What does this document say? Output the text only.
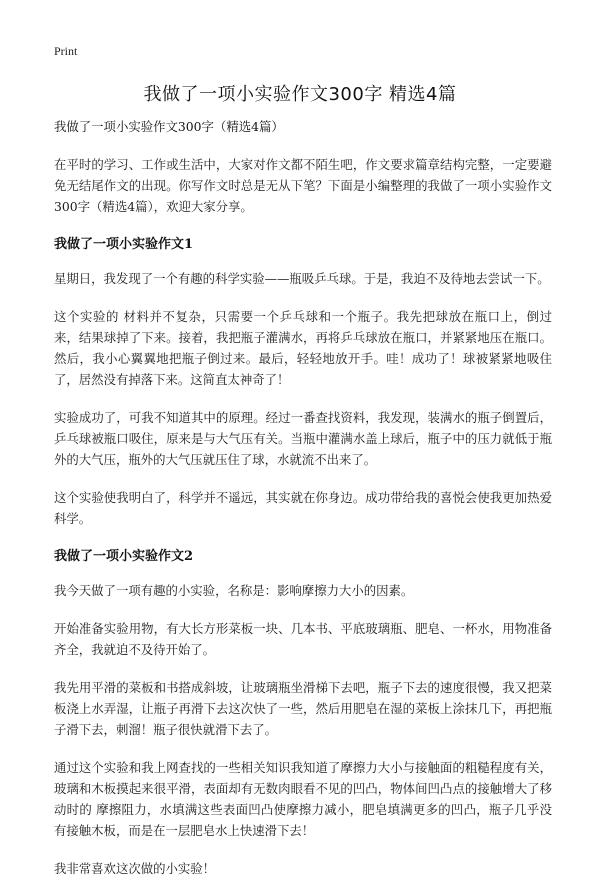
Print
我做了一项小实验作文300字 精选4篇

我做了一项小实验作文300字（精选4篇）

在平时的学习、工作或生活中，大家对作文都不陌生吧，作文要求篇章结构完整，一定要避免无结尾作文的出现。你写作文时总是无从下笔？下面是小编整理的我做了一项小实验作文300字（精选4篇），欢迎大家分享。

我做了一项小实验作文1

星期日，我发现了一个有趣的科学实验——瓶吸乒乓球。于是，我迫不及待地去尝试一下。

这个实验的 材料并不复杂，只需要一个乒乓球和一个瓶子。我先把球放在瓶口上，倒过来，结果球掉了下来。接着，我把瓶子灌满水，再将乒乓球放在瓶口，并紧紧地压在瓶口。然后，我小心翼翼地把瓶子倒过来。最后，轻轻地放开手。哇！成功了！球被紧紧地吸住了，居然没有掉落下来。这简直太神奇了！

实验成功了，可我不知道其中的原理。经过一番查找资料，我发现，装满水的瓶子倒置后，乒乓球被瓶口吸住，原来是与大气压有关。当瓶中灌满水盖上球后，瓶子中的压力就低于瓶外的大气压，瓶外的大气压就压住了球，水就流不出来了。

这个实验使我明白了，科学并不遥远，其实就在你身边。成功带给我的喜悦会使我更加热爱科学。

我做了一项小实验作文2

我今天做了一项有趣的小实验，名称是：影响摩擦力大小的因素。

开始准备实验用物，有大长方形菜板一块、几本书、平底玻璃瓶、肥皂、一杯水，用物准备齐全，我就迫不及待开始了。

我先用平滑的菜板和书搭成斜坡，让玻璃瓶坐滑梯下去吧，瓶子下去的速度很慢，我又把菜板浇上水弄湿，让瓶子再滑下去这次快了一些，然后用肥皂在湿的菜板上涂抹几下，再把瓶子滑下去，刺溜！瓶子很快就滑下去了。

通过这个实验和我上网查找的一些相关知识我知道了摩擦力大小与接触面的粗糙程度有关，玻璃和木板摸起来很平滑，表面却有无数肉眼看不见的凹凸，物体间凹凸点的接触增大了移动时的 摩擦阻力，水填满这些表面凹凸使摩擦力减小，肥皂填满更多的凹凸，瓶子几乎没有接触木板，而是在一层肥皂水上快速滑下去！

我非常喜欢这次做的小实验！
